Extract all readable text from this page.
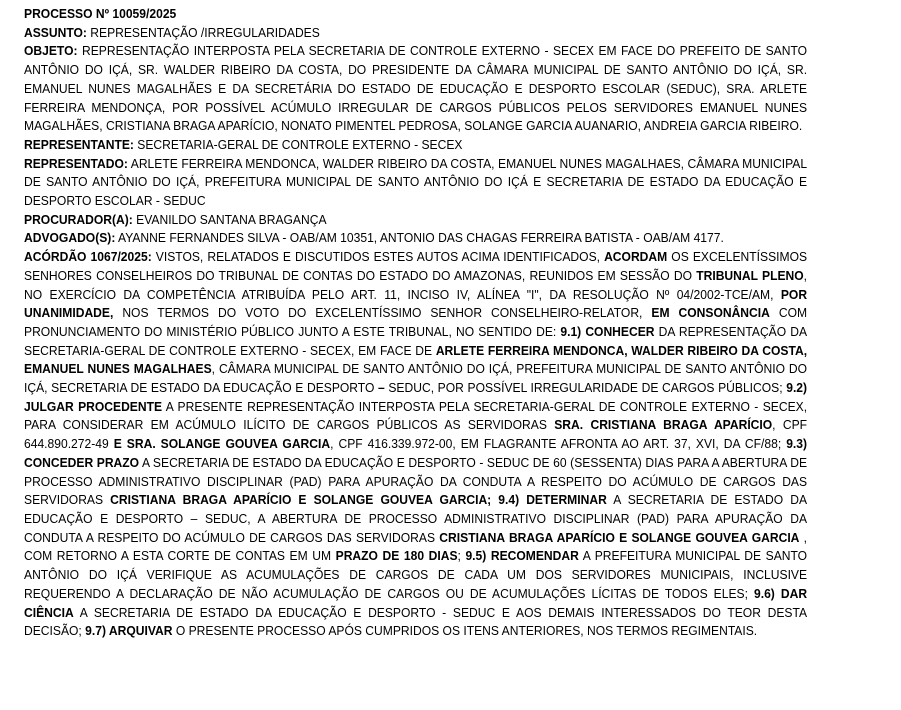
PROCESSO Nº 10059/2025

ASSUNTO: REPRESENTAÇÃO /IRREGULARIDADES

OBJETO: REPRESENTAÇÃO INTERPOSTA PELA SECRETARIA DE CONTROLE EXTERNO - SECEX EM FACE DO PREFEITO DE SANTO ANTÔNIO DO IÇÁ, SR. WALDER RIBEIRO DA COSTA, DO PRESIDENTE DA CÂMARA MUNICIPAL DE SANTO ANTÔNIO DO IÇÁ, SR. EMANUEL NUNES MAGALHÃES E DA SECRETÁRIA DO ESTADO DE EDUCAÇÃO E DESPORTO ESCOLAR (SEDUC), SRA. ARLETE FERREIRA MENDONÇA, POR POSSÍVEL ACÚMULO IRREGULAR DE CARGOS PÚBLICOS PELOS SERVIDORES EMANUEL NUNES MAGALHÃES, CRISTIANA BRAGA APARÍCIO, NONATO PIMENTEL PEDROSA, SOLANGE GARCIA AUANARIO, ANDREIA GARCIA RIBEIRO.

REPRESENTANTE: SECRETARIA-GERAL DE CONTROLE EXTERNO - SECEX

REPRESENTADO: ARLETE FERREIRA MENDONCA, WALDER RIBEIRO DA COSTA, EMANUEL NUNES MAGALHAES, CÂMARA MUNICIPAL DE SANTO ANTÔNIO DO IÇÁ, PREFEITURA MUNICIPAL DE SANTO ANTÔNIO DO IÇÁ E SECRETARIA DE ESTADO DA EDUCAÇÃO E DESPORTO ESCOLAR - SEDUC

PROCURADOR(A): EVANILDO SANTANA BRAGANÇA

ADVOGADO(S): AYANNE FERNANDES SILVA - OAB/AM 10351, ANTONIO DAS CHAGAS FERREIRA BATISTA - OAB/AM 4177.

ACÓRDÃO 1067/2025: VISTOS, RELATADOS E DISCUTIDOS ESTES AUTOS ACIMA IDENTIFICADOS, ACORDAM OS EXCELENTÍSSIMOS SENHORES CONSELHEIROS DO TRIBUNAL DE CONTAS DO ESTADO DO AMAZONAS, REUNIDOS EM SESSÃO DO TRIBUNAL PLENO, NO EXERCÍCIO DA COMPETÊNCIA ATRIBUÍDA PELO ART. 11, INCISO IV, ALÍNEA "I", DA RESOLUÇÃO Nº 04/2002-TCE/AM, POR UNANIMIDADE, NOS TERMOS DO VOTO DO EXCELENTÍSSIMO SENHOR CONSELHEIRO-RELATOR, EM CONSONÂNCIA COM PRONUNCIAMENTO DO MINISTÉRIO PÚBLICO JUNTO A ESTE TRIBUNAL, NO SENTIDO DE: 9.1) CONHECER DA REPRESENTAÇÃO DA SECRETARIA-GERAL DE CONTROLE EXTERNO - SECEX, EM FACE DE ARLETE FERREIRA MENDONCA, WALDER RIBEIRO DA COSTA, EMANUEL NUNES MAGALHAES, CÂMARA MUNICIPAL DE SANTO ANTÔNIO DO IÇÁ, PREFEITURA MUNICIPAL DE SANTO ANTÔNIO DO IÇÁ, SECRETARIA DE ESTADO DA EDUCAÇÃO E DESPORTO – SEDUC, POR POSSÍVEL IRREGULARIDADE DE CARGOS PÚBLICOS; 9.2) JULGAR PROCEDENTE A PRESENTE REPRESENTAÇÃO INTERPOSTA PELA SECRETARIA-GERAL DE CONTROLE EXTERNO - SECEX, PARA CONSIDERAR EM ACÚMULO ILÍCITO DE CARGOS PÚBLICOS AS SERVIDORAS SRA. CRISTIANA BRAGA APARÍCIO, CPF 644.890.272-49 E SRA. SOLANGE GOUVEA GARCIA, CPF 416.339.972-00, EM FLAGRANTE AFRONTA AO ART. 37, XVI, DA CF/88; 9.3) CONCEDER PRAZO A SECRETARIA DE ESTADO DA EDUCAÇÃO E DESPORTO - SEDUC DE 60 (SESSENTA) DIAS PARA A ABERTURA DE PROCESSO ADMINISTRATIVO DISCIPLINAR (PAD) PARA APURAÇÃO DA CONDUTA A RESPEITO DO ACÚMULO DE CARGOS DAS SERVIDORAS CRISTIANA BRAGA APARÍCIO E SOLANGE GOUVEA GARCIA; 9.4) DETERMINAR A SECRETARIA DE ESTADO DA EDUCAÇÃO E DESPORTO – SEDUC, A ABERTURA DE PROCESSO ADMINISTRATIVO DISCIPLINAR (PAD) PARA APURAÇÃO DA CONDUTA A RESPEITO DO ACÚMULO DE CARGOS DAS SERVIDORAS CRISTIANA BRAGA APARÍCIO E SOLANGE GOUVEA GARCIA , COM RETORNO A ESTA CORTE DE CONTAS EM UM PRAZO DE 180 DIAS; 9.5) RECOMENDAR A PREFEITURA MUNICIPAL DE SANTO ANTÔNIO DO IÇÁ VERIFIQUE AS ACUMULAÇÕES DE CARGOS DE CADA UM DOS SERVIDORES MUNICIPAIS, INCLUSIVE REQUERENDO A DECLARAÇÃO DE NÃO ACUMULAÇÃO DE CARGOS OU DE ACUMULAÇÕES LÍCITAS DE TODOS ELES; 9.6) DAR CIÊNCIA A SECRETARIA DE ESTADO DA EDUCAÇÃO E DESPORTO - SEDUC E AOS DEMAIS INTERESSADOS DO TEOR DESTA DECISÃO; 9.7) ARQUIVAR O PRESENTE PROCESSO APÓS CUMPRIDOS OS ITENS ANTERIORES, NOS TERMOS REGIMENTAIS.
